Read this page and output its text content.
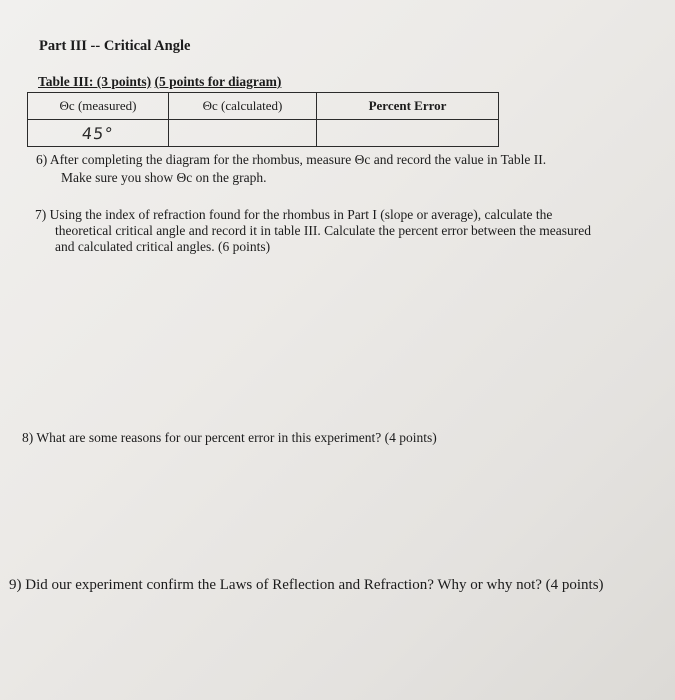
Part III -- Critical Angle
Table III: (3 points) (5 points for diagram)
Θc (measured)	Θc (calculated)	Percent Error
45°		
6) After completing the diagram for the rhombus, measure Θc and record the value in Table II.
Make sure you show Θc on the graph.
7) Using the index of refraction found for the rhombus in Part I (slope or average), calculate the
theoretical critical angle and record it in table III. Calculate the percent error between the measured
and calculated critical angles. (6 points)
8) What are some reasons for our percent error in this experiment? (4 points)
9) Did our experiment confirm the Laws of Reflection and Refraction? Why or why not? (4 points)
